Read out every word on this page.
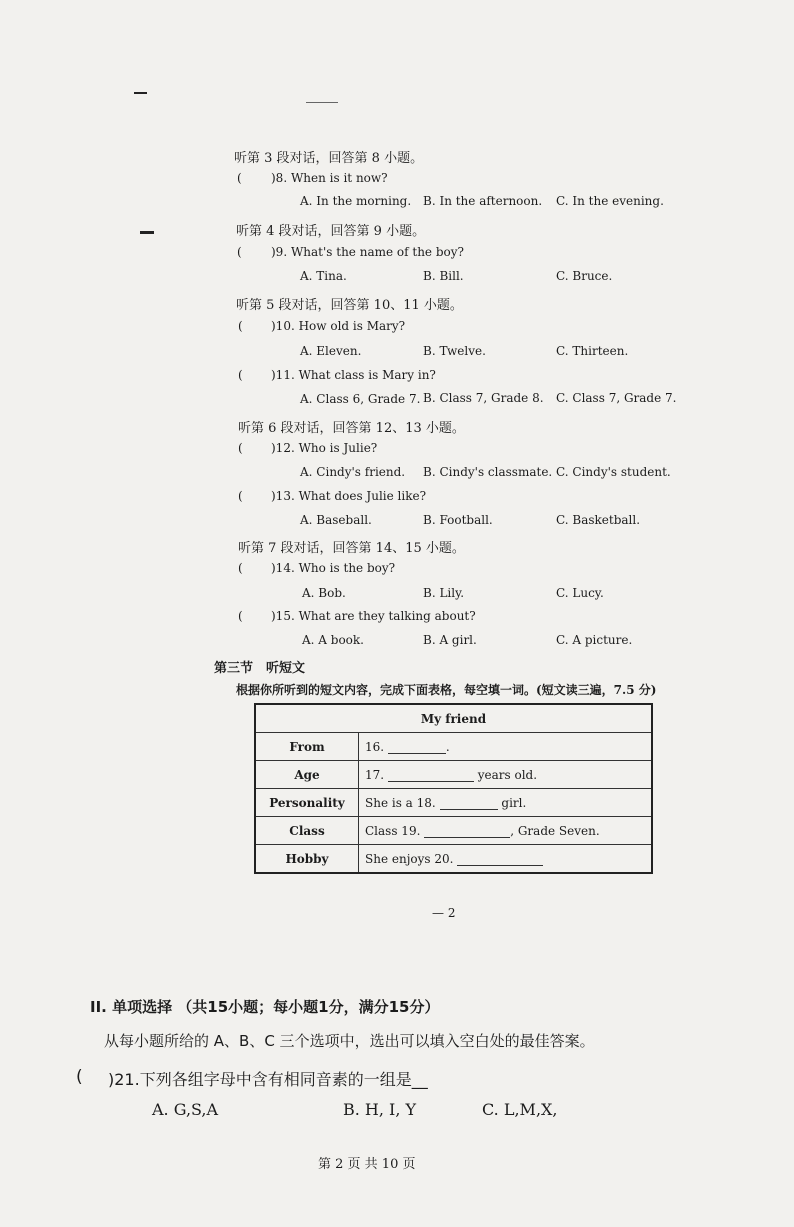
听第 3 段对话，回答第 8 小题。
( )8. When is it now?
A. In the morning. B. In the afternoon. C. In the evening.
听第 4 段对话，回答第 9 小题。
( )9. What's the name of the boy?
A. Tina.	B. Bill.	C. Bruce.
听第 5 段对话，回答第 10、11 小题。
( )10. How old is Mary?
A. Eleven.	B. Twelve.	C. Thirteen.
( )11. What class is Mary in?
A. Class 6, Grade 7. B. Class 7, Grade 8. C. Class 7, Grade 7.
听第 6 段对话，回答第 12、13 小题。
( )12. Who is Julie?
A. Cindy's friend. B. Cindy's classmate. C. Cindy's student.
( )13. What does Julie like?
A. Baseball.	B. Football.	C. Basketball.
听第 7 段对话，回答第 14、15 小题。
( )14. Who is the boy?
A. Bob.	B. Lily.	C. Lucy.
( )15. What are they talking about?
A. A book.	B. A girl.	C. A picture.
第三节　听短文
根据你所听到的短文内容，完成下面表格，每空填一词。(短文读三遍，7.5 分)
My friend	
From	16. .
Age	17. years old.
Personality	She is a 18. girl.
Class	Class 19. , Grade Seven.
Hobby	She enjoys 20.
— 2
II. 单项选择 （共15小题；每小题1分，满分15分）
从每小题所给的 A、B、C 三个选项中，选出可以填入空白处的最佳答案。
( )21.下列各组字母中含有相同音素的一组是__
A. G,S,A	B. H, I, Y	C. L,M,X,
第 2 页 共 10 页
